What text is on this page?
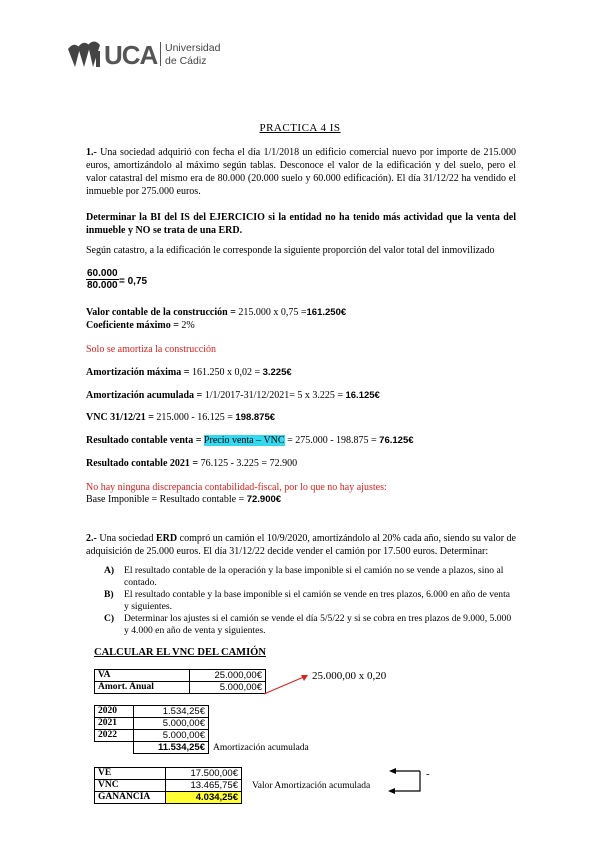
UCA Universidad
de Cádiz
PRACTICA 4 IS
1.- Una sociedad adquirió con fecha el día 1/1/2018 un edificio comercial nuevo por importe de 215.000 euros, amortizándolo al máximo según tablas. Desconoce el valor de la edificación y del suelo, pero el valor catastral del mismo era de 80.000 (20.000 suelo y 60.000 edificación). El día 31/12/22 ha vendido el inmueble por 275.000 euros.
Determinar la BI del IS del EJERCICIO si la entidad no ha tenido más actividad que la venta del inmueble y NO se trata de una ERD.
Según catastro, a la edificación le corresponde la siguiente proporción del valor total del inmovilizado
$\frac{60.000}{80.000} = 0,75$
Valor contable de la construcción = 215.000 x 0,75 =161.250€
Coeficiente máximo = 2%
Solo se amortiza la construcción
Amortización máxima = 161.250 x 0,02 = 3.225€
Amortización acumulada = 1/1/2017-31/12/2021= 5 x 3.225 = 16.125€
VNC 31/12/21 = 215.000 - 16.125 = 198.875€
Resultado contable venta = Precio venta – VNC = 275.000 - 198.875 = 76.125€
Resultado contable 2021 = 76.125 - 3.225 = 72.900
No hay ninguna discrepancia contabilidad-fiscal, por lo que no hay ajustes:
Base Imponible = Resultado contable = 72.900€
2.- Una sociedad ERD compró un camión el 10/9/2020, amortizándolo al 20% cada año, siendo su valor de adquisición de 25.000 euros. El día 31/12/22 decide vender el camión por 17.500 euros. Determinar:
A) El resultado contable de la operación y la base imponible si el camión no se vende a plazos, sino al contado.
B) El resultado contable y la base imponible si el camión se vende en tres plazos, 6.000 en año de venta y siguientes.
C) Determinar los ajustes si el camión se vende el día 5/5/22 y si se cobra en tres plazos de 9.000, 5.000 y 4.000 en año de venta y siguientes.
CALCULAR EL VNC DEL CAMIÓN
VA	25.000,00€
Amort. Anual	5.000,00€
25.000,00 x 0,20
2020	1.534,25€
2021	5.000,00€
2022	5.000,00€
	11.534,25€ Amortización acumulada
VE	17.500,00€
VNC	13.465,75€
GANANCIA	4.034,25€
Valor Amortización acumulada
-
